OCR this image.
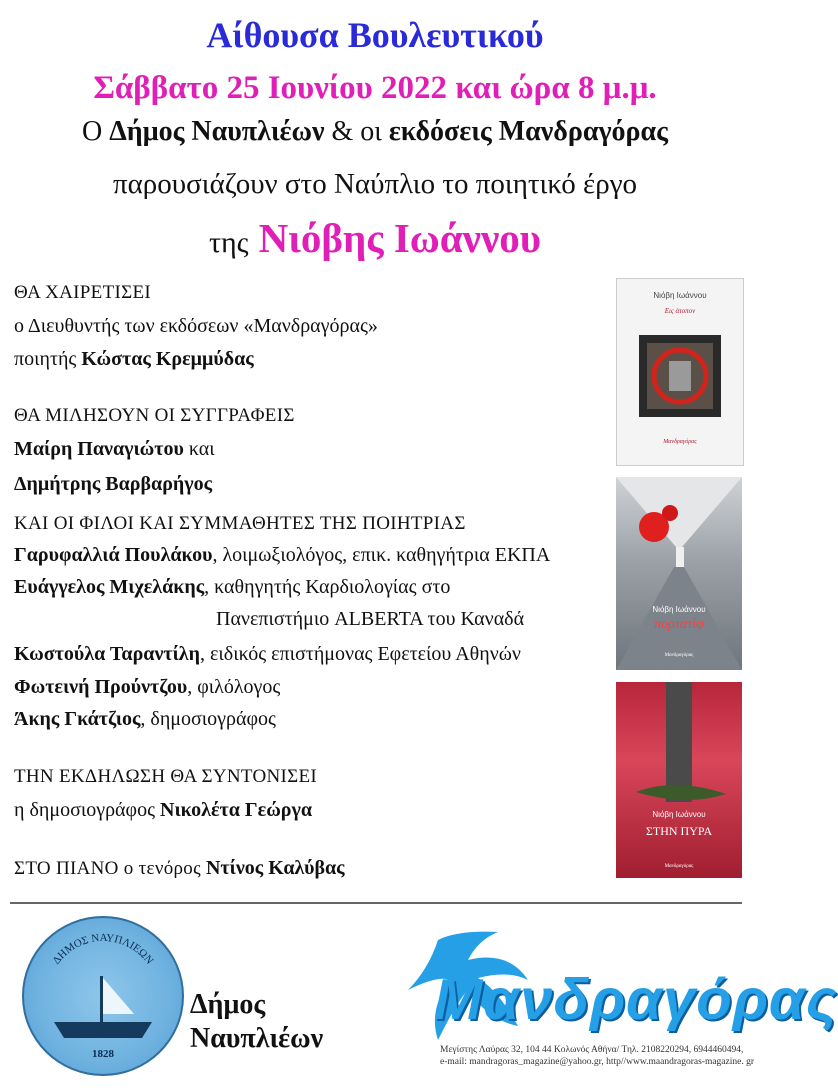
Αίθουσα Βουλευτικού
Σάββατο 25 Ιουνίου 2022 και ώρα 8 μ.μ.
Ο Δήμος Ναυπλιέων & οι εκδόσεις Μανδραγόρας
παρουσιάζουν στο Ναύπλιο το ποιητικό έργο
της Νιόβης Ιωάννου
ΘΑ ΧΑΙΡΕΤΙΣΕΙ
ο Διευθυντής των εκδόσεων «Μανδραγόρας»
ποιητής Κώστας Κρεμμύδας
ΘΑ ΜΙΛΗΣΟΥΝ ΟΙ ΣΥΓΓΡΑΦΕΙΣ
Μαίρη Παναγιώτου και
Δημήτρης Βαρβαρήγος
ΚΑΙ ΟΙ ΦΙΛΟΙ ΚΑΙ ΣΥΜΜΑΘΗΤΕΣ ΤΗΣ ΠΟΙΗΤΡΙΑΣ
Γαρυφαλλιά Πουλάκου, λοιμωξιολόγος, επικ. καθηγήτρια ΕΚΠΑ
Ευάγγελος Μιχελάκης, καθηγητής Καρδιολογίας στο
Πανεπιστήμιο ALBERTA του Καναδά
Κωστούλα Ταραντίλη, ειδικός επιστήμονας Εφετείου Αθηνών
Φωτεινή Προύντζου, φιλόλογος
Άκης Γκάτζιος, δημοσιογράφος
ΤΗΝ ΕΚΔΗΛΩΣΗ ΘΑ ΣΥΝΤΟΝΙΣΕΙ
η δημοσιογράφος Νικολέτα Γεώργα
ΣΤΟ ΠΙΑΝΟ ο τενόρος Ντίνος Καλύβας
Νιόβη Ιωάννου
Εις άτοπον
Μανδραγόρας
Νιόβη Ιωάννου
πορτατίφ
Μανδραγόρας
Νιόβη Ιωάννου
ΣΤΗΝ ΠΥΡΑ
Μανδραγόρας
ΔΗΜΟΣ ΝΑΥΠΛΙΕΩΝ
1828
Δήμος
Ναυπλιέων
Μανδραγόρας
Μεγίστης Λαύρας 32, 104 44 Κολωνός Αθήνα/ Τηλ. 2108220294, 6944460494,
e-mail: mandragoras_magazine@yahoo.gr, http//www.maandragoras-magazine. gr
